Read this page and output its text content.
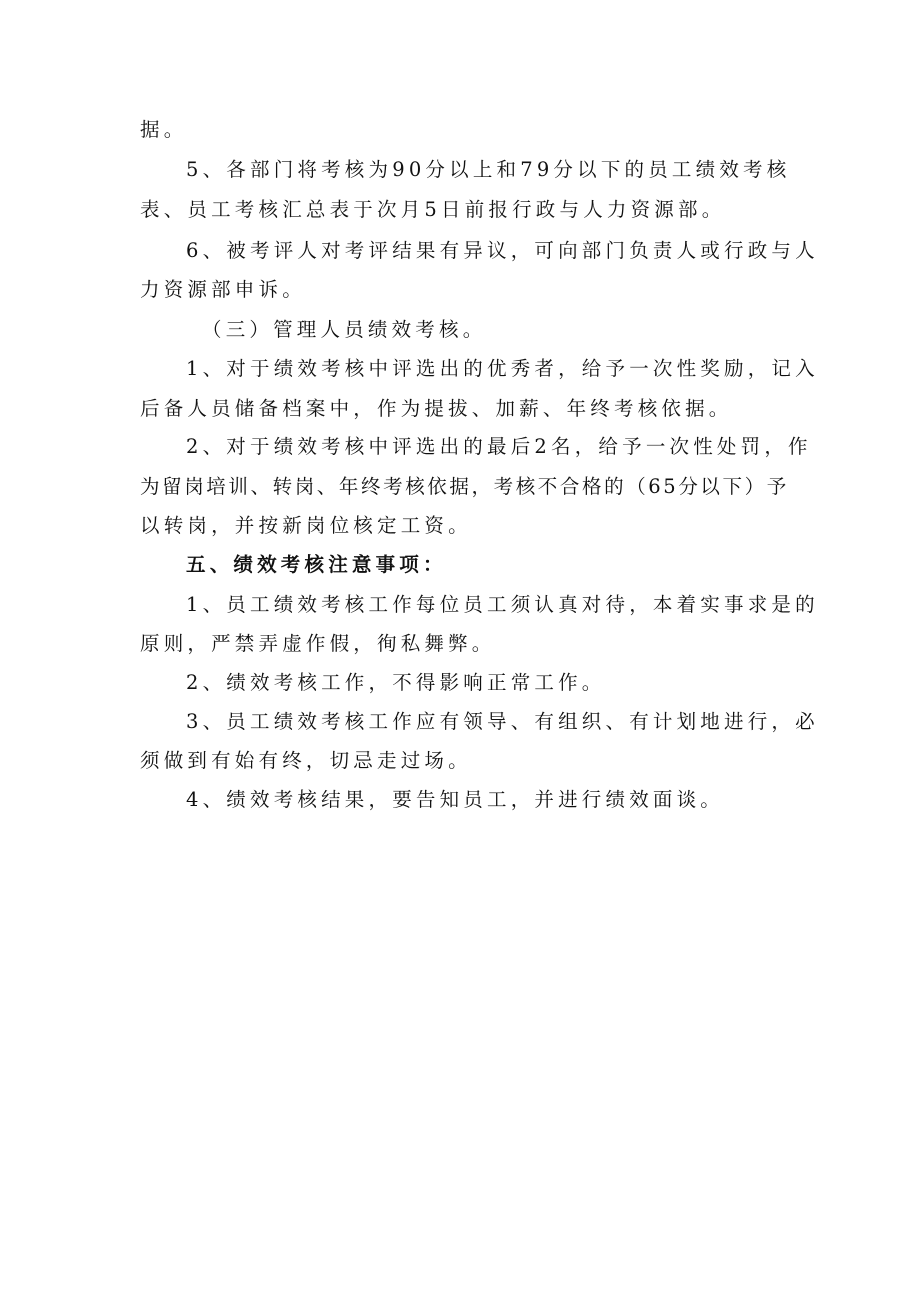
据。
5、各部门将考核为90分以上和79分以下的员工绩效考核
表、员工考核汇总表于次月5日前报行政与人力资源部。
6、被考评人对考评结果有异议，可向部门负责人或行政与人
力资源部申诉。
（三）管理人员绩效考核。
1、对于绩效考核中评选出的优秀者，给予一次性奖励，记入
后备人员储备档案中，作为提拔、加薪、年终考核依据。
2、对于绩效考核中评选出的最后2名，给予一次性处罚，作
为留岗培训、转岗、年终考核依据，考核不合格的（65分以下）予
以转岗，并按新岗位核定工资。
五、绩效考核注意事项：
1、员工绩效考核工作每位员工须认真对待，本着实事求是的
原则，严禁弄虚作假，徇私舞弊。
2、绩效考核工作，不得影响正常工作。
3、员工绩效考核工作应有领导、有组织、有计划地进行，必
须做到有始有终，切忌走过场。
4、绩效考核结果，要告知员工，并进行绩效面谈。
